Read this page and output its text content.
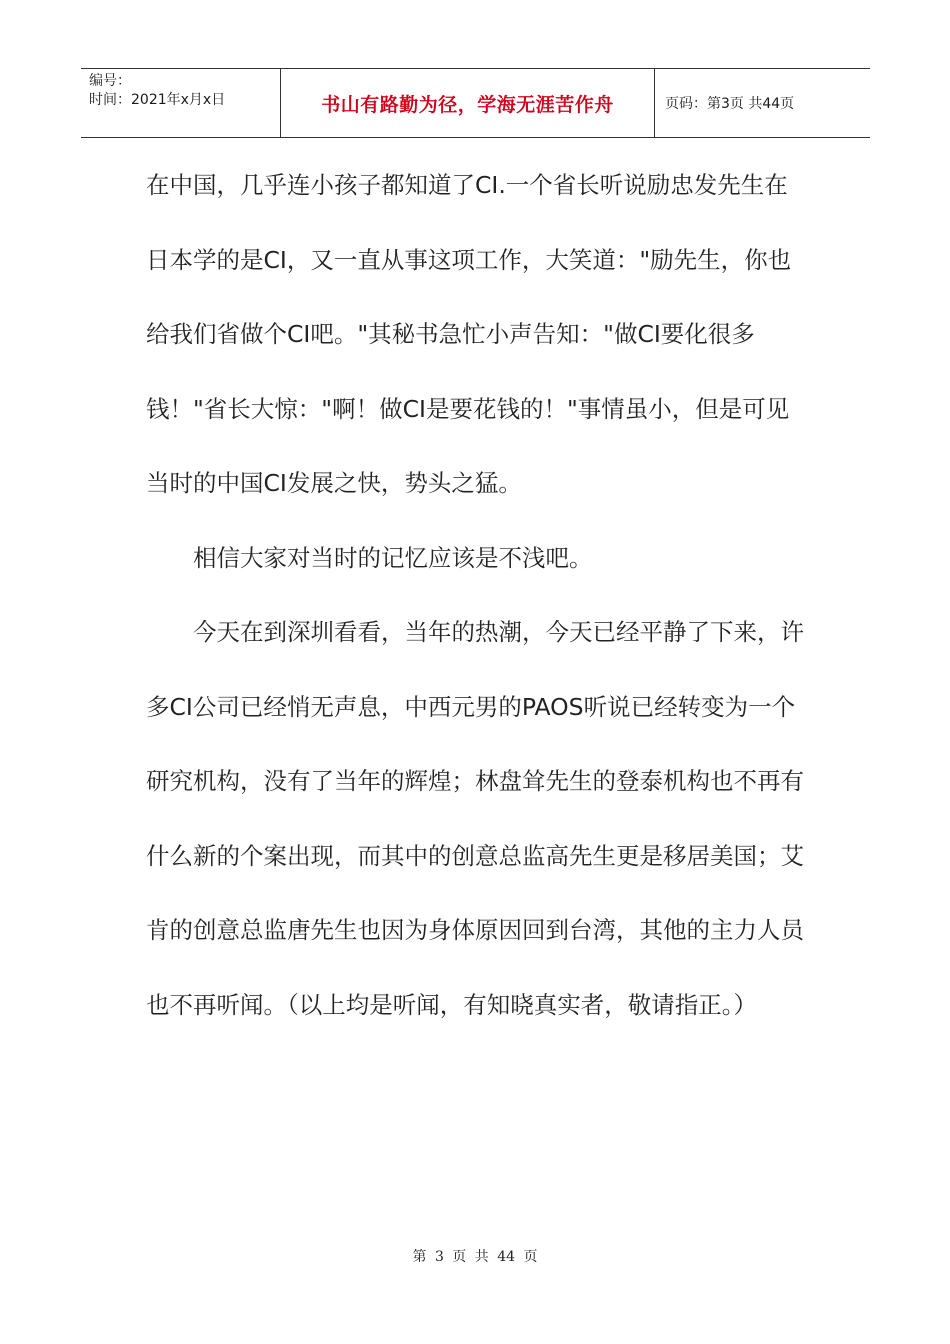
编号：
时间：2021年x月x日	书山有路勤为径，学海无涯苦作舟	页码：第3页 共44页

在中国，几乎连小孩子都知道了CI.一个省长听说励忠发先生在日本学的是CI，又一直从事这项工作，大笑道："励先生，你也给我们省做个CI吧。"其秘书急忙小声告知："做CI要化很多钱！"省长大惊："啊！做CI是要花钱的！"事情虽小，但是可见当时的中国CI发展之快，势头之猛。

相信大家对当时的记忆应该是不浅吧。

今天在到深圳看看，当年的热潮，今天已经平静了下来，许多CI公司已经悄无声息，中西元男的PAOS听说已经转变为一个研究机构，没有了当年的辉煌；林盘耸先生的登泰机构也不再有什么新的个案出现，而其中的创意总监高先生更是移居美国；艾肯的创意总监唐先生也因为身体原因回到台湾，其他的主力人员也不再听闻。（以上均是听闻，有知晓真实者，敬请指正。）

第 3 页 共 44 页
